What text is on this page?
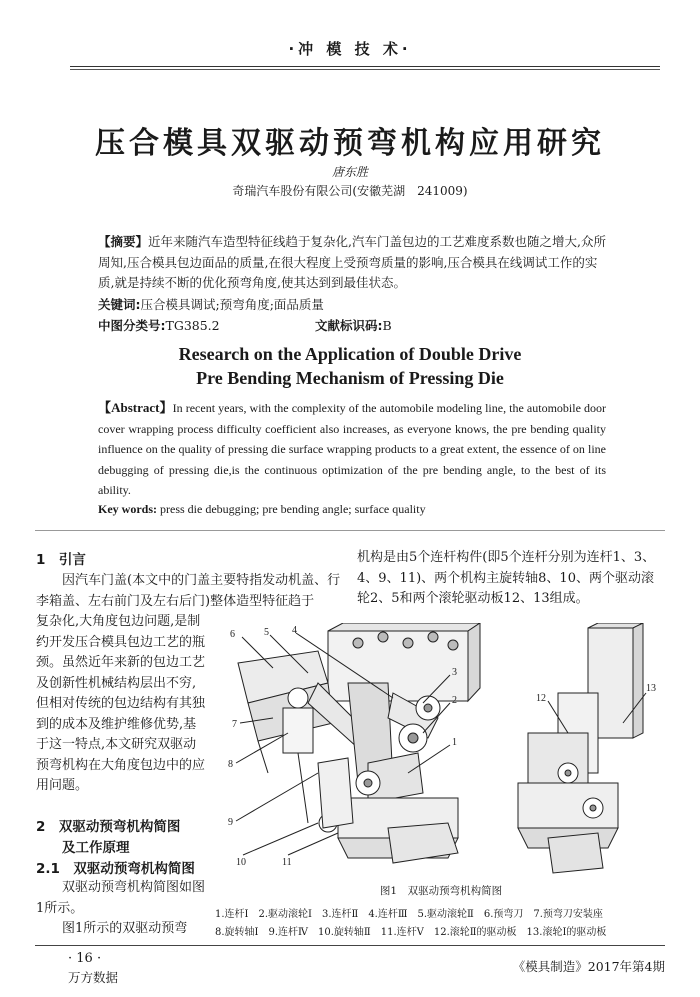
·冲 模 技 术·
压合模具双驱动预弯机构应用研究
唐东胜
奇瑞汽车股份有限公司(安徽芜湖　241009)
【摘要】近年来随汽车造型特征线趋于复杂化,汽车门盖包边的工艺难度系数也随之增大,众所周知,压合模具包边面品的质量,在很大程度上受预弯质量的影响,压合模具在线调试工作的实质,就是持续不断的优化预弯角度,使其达到到最佳状态。
关键词:压合模具调试;预弯角度;面品质量
中图分类号:TG385.2	文献标识码:B
Research on the Application of Double Drive
Pre Bending Mechanism of Pressing Die
【Abstract】In recent years, with the complexity of the automobile modeling line, the automobile door cover wrapping process difficulty coefficient also increases, as everyone knows, the pre bending quality influence on the quality of pressing die surface wrapping products to a great extent, the essence of on line debugging of pressing die,is the continuous optimization of the pre bending angle, to the best of its ability.
Key words: press die debugging; pre bending angle; surface quality
1　引言
因汽车门盖(本文中的门盖主要特指发动机盖、行李箱盖、左右前门及左右后门)整体造型特征趋于
复杂化,大角度包边问题,是制约开发压合模具包边工艺的瓶颈。虽然近年来新的包边工艺及创新性机械结构层出不穷,但相对传统的包边结构有其独到的成本及维护维修优势,基于这一特点,本文研究双驱动预弯机构在大角度包边中的应用问题。
2　双驱动预弯机构简图
及工作原理
2.1　双驱动预弯机构简图
双驱动预弯机构简图如图1所示。
图1所示的双驱动预弯
机构是由5个连杆构件(即5个连杆分别为连杆1、3、4、9、11)、两个机构主旋转轴8、10、两个驱动滚轮2、5和两个滚轮驱动板12、13组成。
6	5 4
3
2
1
7
8
9
10	11
12
13
图1　双驱动预弯机构简图
1.连杆Ⅰ　2.驱动滚轮Ⅰ　3.连杆Ⅱ　4.连杆Ⅲ　5.驱动滚轮Ⅱ　6.预弯刀　7.预弯刀安装座
8.旋转轴Ⅰ　9.连杆Ⅳ　10.旋转轴Ⅱ　11.连杆Ⅴ　12.滚轮Ⅱ的驱动板　13.滚轮Ⅰ的驱动板
· 16 ·
万方数据
《模具制造》2017年第4期
